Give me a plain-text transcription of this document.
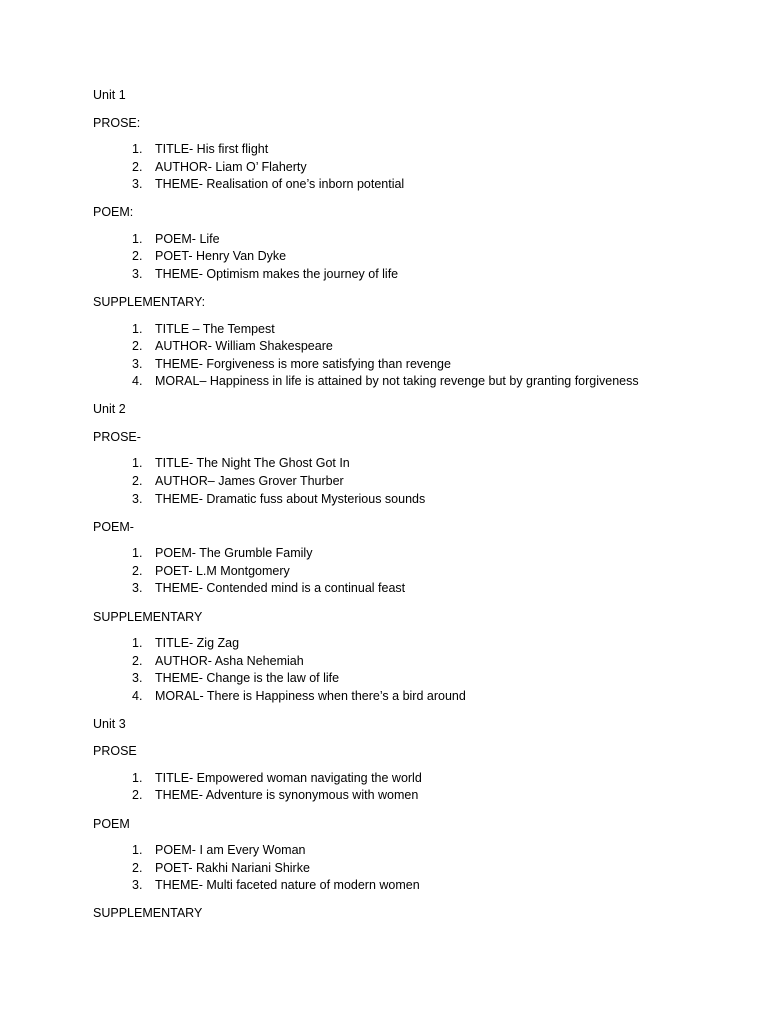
Unit 1
PROSE:
1.	TITLE- His first flight
2.	AUTHOR- Liam O’ Flaherty
3.	THEME- Realisation of one’s inborn potential
POEM:
1.	POEM- Life
2.	POET- Henry Van Dyke
3.	THEME- Optimism makes the journey of life
SUPPLEMENTARY:
1.	TITLE – The Tempest
2.	AUTHOR- William Shakespeare
3.	THEME- Forgiveness is more satisfying than revenge
4.	MORAL– Happiness in life is attained by not taking revenge but by granting forgiveness
Unit 2
PROSE-
1.	TITLE- The Night The Ghost Got In
2.	AUTHOR– James Grover Thurber
3.	THEME- Dramatic fuss about Mysterious sounds
POEM-
1.	POEM- The Grumble Family
2.	POET- L.M Montgomery
3.	THEME- Contended mind is a continual feast
SUPPLEMENTARY
1.	TITLE- Zig Zag
2.	AUTHOR- Asha Nehemiah
3.	THEME- Change is the law of life
4.	MORAL- There is Happiness when there’s a bird around
Unit 3
PROSE
1.	TITLE- Empowered woman navigating the world
2.	THEME- Adventure is synonymous with women
POEM
1.	POEM- I am Every Woman
2.	POET- Rakhi Nariani Shirke
3.	THEME- Multi faceted nature of modern women
SUPPLEMENTARY
